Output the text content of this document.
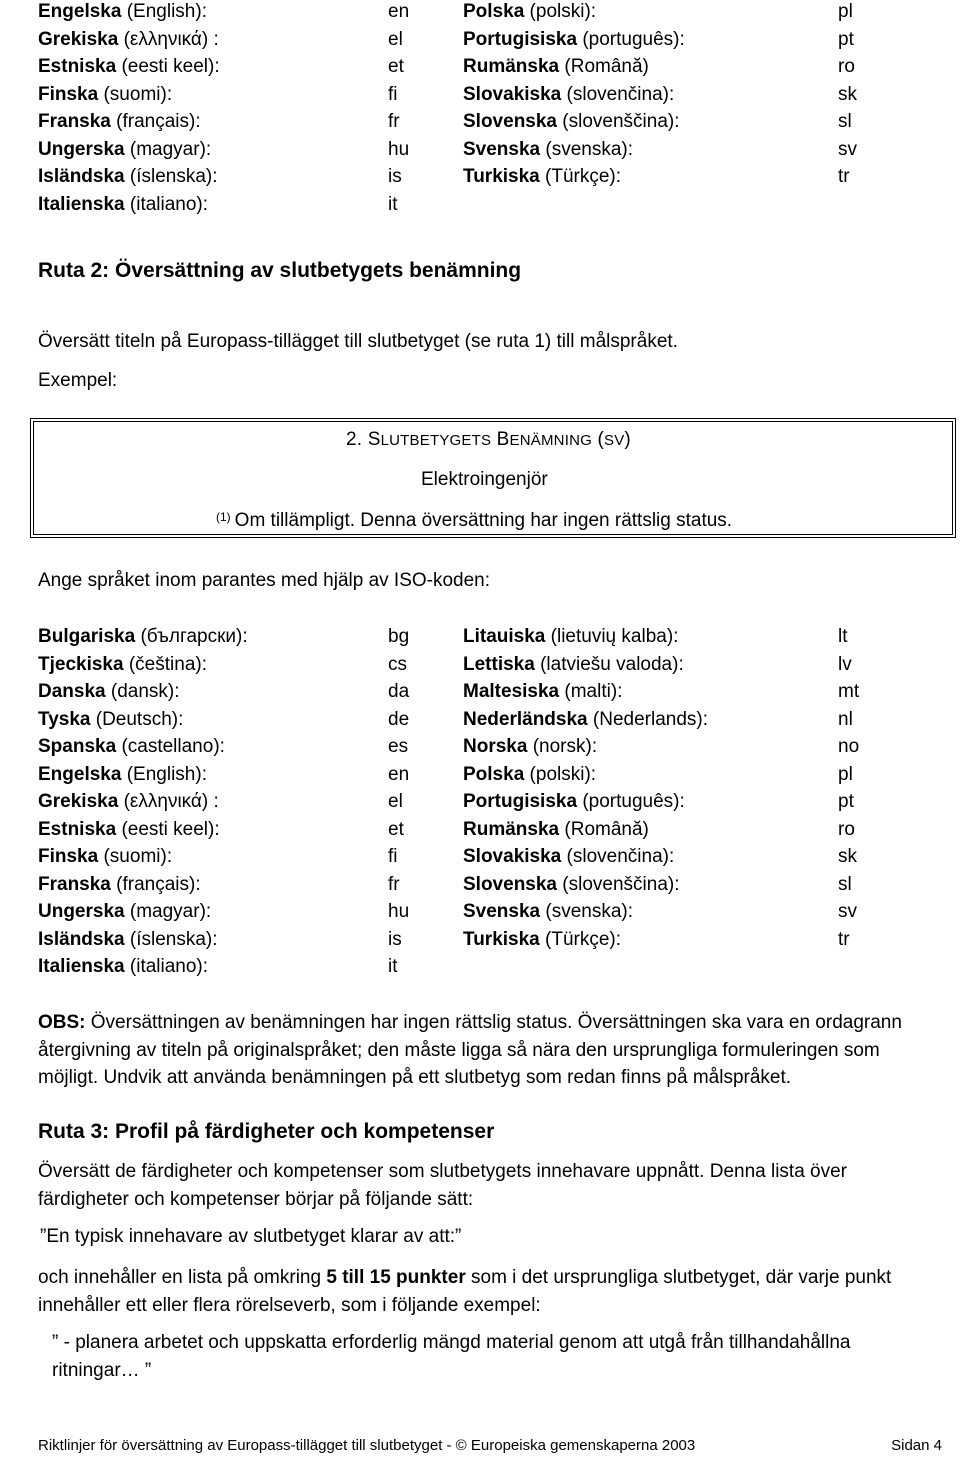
Engelska (English):	en	Polska (polski):	pl
Grekiska (ελληνικά) :	el	Portugisiska (português):	pt
Estniska (eesti keel):	et	Rumänska (Română)	ro
Finska (suomi):	fi	Slovakiska (slovenčina):	sk
Franska (français):	fr	Slovenska (slovenščina):	sl
Ungerska (magyar):	hu	Svenska (svenska):	sv
Isländska (íslenska):	is	Turkiska (Türkçe):	tr
Italienska (italiano):	it
Ruta 2: Översättning av slutbetygets benämning
Översätt titeln på Europass-tillägget till slutbetyget (se ruta 1) till målspråket.
Exempel:
2. SLUTBETYGETS BENÄMNING (SV)
Elektroingenjör
$^{(1)}$ Om tillämpligt. Denna översättning har ingen rättslig status.
Ange språket inom parantes med hjälp av ISO-koden:
Bulgariska (български):	bg	Litauiska (lietuvių kalba):	lt
Tjeckiska (čeština):	cs	Lettiska (latviešu valoda):	lv
Danska (dansk):	da	Maltesiska (malti):	mt
Tyska (Deutsch):	de	Nederländska (Nederlands):	nl
Spanska (castellano):	es	Norska (norsk):	no
Engelska (English):	en	Polska (polski):	pl
Grekiska (ελληνικά) :	el	Portugisiska (português):	pt
Estniska (eesti keel):	et	Rumänska (Română)	ro
Finska (suomi):	fi	Slovakiska (slovenčina):	sk
Franska (français):	fr	Slovenska (slovenščina):	sl
Ungerska (magyar):	hu	Svenska (svenska):	sv
Isländska (íslenska):	is	Turkiska (Türkçe):	tr
Italienska (italiano):	it
OBS: Översättningen av benämningen har ingen rättslig status. Översättningen ska vara en ordagrann återgivning av titeln på originalspråket; den måste ligga så nära den ursprungliga formuleringen som möjligt. Undvik att använda benämningen på ett slutbetyg som redan finns på målspråket.
Ruta 3: Profil på färdigheter och kompetenser
Översätt de färdigheter och kompetenser som slutbetygets innehavare uppnått. Denna lista över färdigheter och kompetenser börjar på följande sätt:
”En typisk innehavare av slutbetyget klarar av att:”
och innehåller en lista på omkring 5 till 15 punkter som i det ursprungliga slutbetyget, där varje punkt innehåller ett eller flera rörelseverb, som i följande exempel:
” - planera arbetet och uppskatta erforderlig mängd material genom att utgå från tillhandahållna
ritningar… ”
Riktlinjer för översättning av Europass-tillägget till slutbetyget - © Europeiska gemenskaperna 2003	Sidan 4
